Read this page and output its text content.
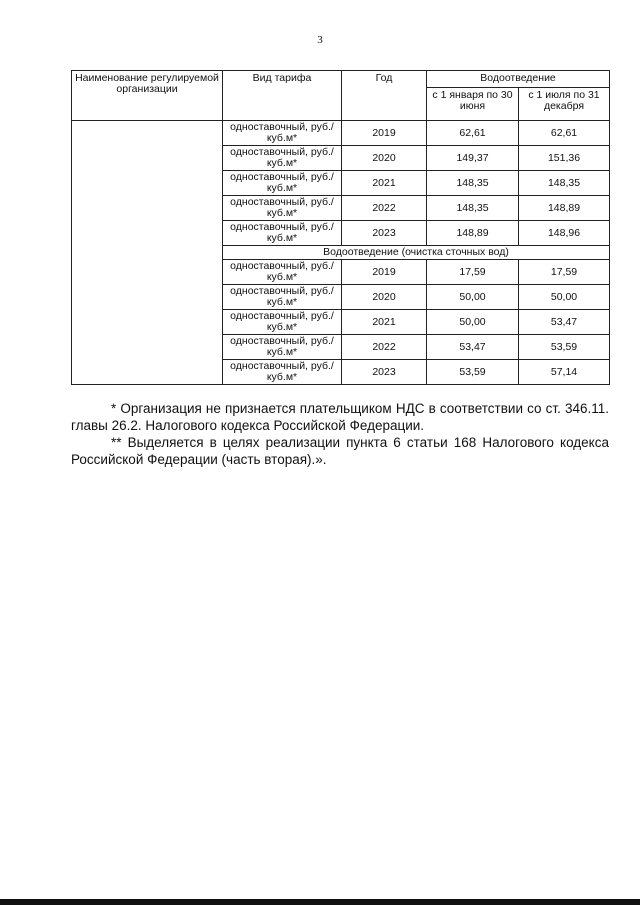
3
Наименование регулируемой организации	Вид тарифа	Год	Водоотведение	
			с 1 января по 30 июня	с 1 июля по 31 декабря
	одноставочный, руб./куб.м*	2019	62,61	62,61
	одноставочный, руб./куб.м*	2020	149,37	151,36
	одноставочный, руб./куб.м*	2021	148,35	148,35
	одноставочный, руб./куб.м*	2022	148,35	148,89
	одноставочный, руб./куб.м*	2023	148,89	148,96
	Водоотведение (очистка сточных вод)			
	одноставочный, руб./куб.м*	2019	17,59	17,59
	одноставочный, руб./куб.м*	2020	50,00	50,00
	одноставочный, руб./куб.м*	2021	50,00	53,47
	одноставочный, руб./куб.м*	2022	53,47	53,59
	одноставочный, руб./куб.м*	2023	53,59	57,14

* Организация не признается плательщиком НДС в соответствии со ст. 346.11. главы 26.2. Налогового кодекса Российской Федерации.

** Выделяется в целях реализации пункта 6 статьи 168 Налогового кодекса Российской Федерации (часть вторая).».
